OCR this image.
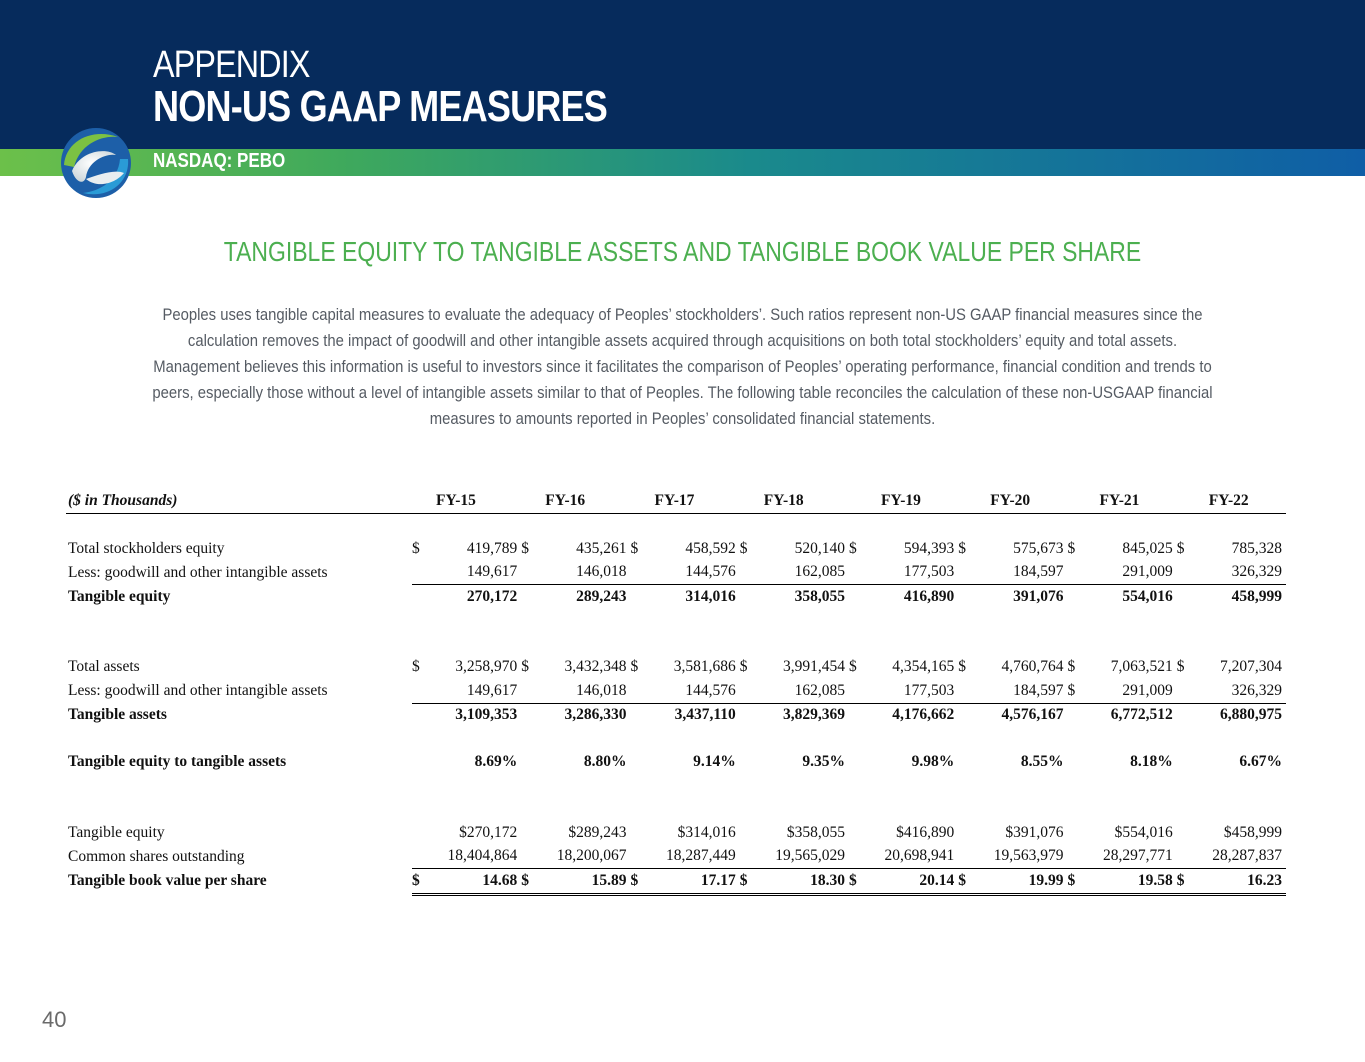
APPENDIX
NON-US GAAP MEASURES
NASDAQ: PEBO
TANGIBLE EQUITY TO TANGIBLE ASSETS AND TANGIBLE BOOK VALUE PER SHARE
Peoples uses tangible capital measures to evaluate the adequacy of Peoples’ stockholders’. Such ratios represent non-US GAAP financial measures since the calculation removes the impact of goodwill and other intangible assets acquired through acquisitions on both total stockholders’ equity and total assets. Management believes this information is useful to investors since it facilitates the comparison of Peoples’ operating performance, financial condition and trends to peers, especially those without a level of intangible assets similar to that of Peoples. The following table reconciles the calculation of these non-USGAAP financial measures to amounts reported in Peoples’ consolidated financial statements.
($ in Thousands)		FY-15		FY-16		FY-17		FY-18		FY-19		FY-20		FY-21		FY-22

Total stockholders equity	$	419,789	$	435,261	$	458,592	$	520,140	$	594,393	$	575,673	$	845,025	$	785,328
Less: goodwill and other intangible assets		149,617		146,018		144,576		162,085		177,503		184,597		291,009		326,329
Tangible equity		270,172		289,243		314,016		358,055		416,890		391,076		554,016		458,999

Total assets	$	3,258,970	$	3,432,348	$	3,581,686	$	3,991,454	$	4,354,165	$	4,760,764	$	7,063,521	$	7,207,304
Less: goodwill and other intangible assets		149,617		146,018		144,576		162,085		177,503		184,597	$	291,009		326,329
Tangible assets		3,109,353		3,286,330		3,437,110		3,829,369		4,176,662		4,576,167		6,772,512		6,880,975

Tangible equity to tangible assets		8.69%		8.80%		9.14%		9.35%		9.98%		8.55%		8.18%		6.67%

Tangible equity		$270,172		$289,243		$314,016		$358,055		$416,890		$391,076		$554,016		$458,999
Common shares outstanding		18,404,864		18,200,067		18,287,449		19,565,029		20,698,941		19,563,979		28,297,771		28,287,837
Tangible book value per share	$	14.68	$	15.89	$	17.17	$	18.30	$	20.14	$	19.99	$	19.58	$	16.23
40
